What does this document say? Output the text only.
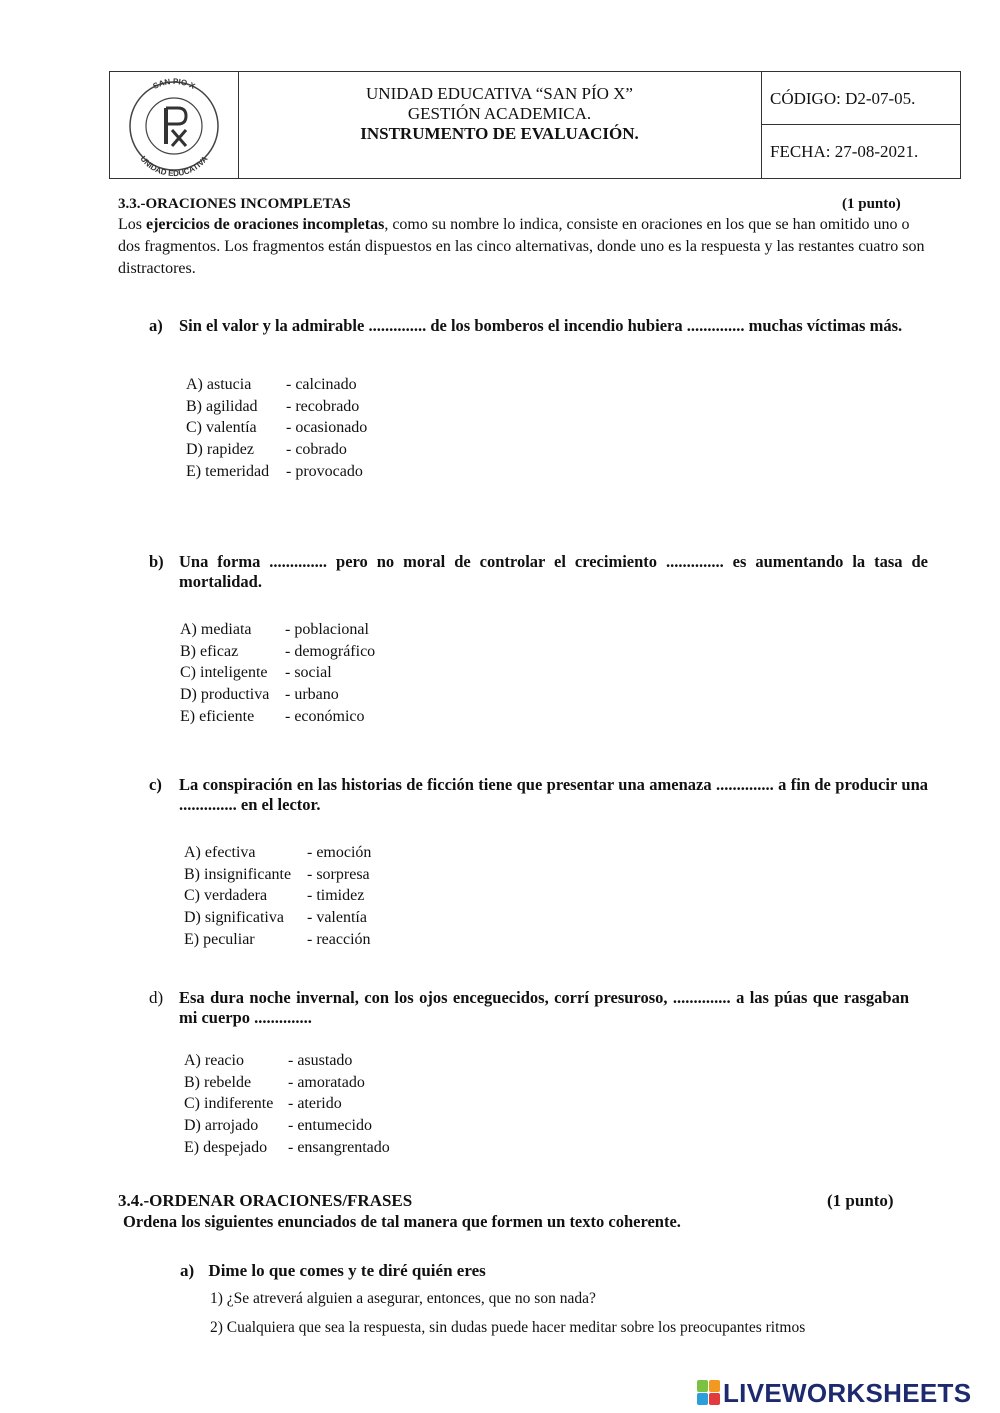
SAN PIO X
UNIDAD EDUCATIVA
UNIDAD EDUCATIVA “SAN PÍO X”
GESTIÓN ACADEMICA.
INSTRUMENTO DE EVALUACIÓN.
CÓDIGO: D2-07-05.
FECHA: 27-08-2021.
3.3.-ORACIONES INCOMPLETAS	(1 punto)
Los ejercicios de oraciones incompletas, como su nombre lo indica, consiste en oraciones en los que se han omitido uno o dos fragmentos. Los fragmentos están dispuestos en las cinco alternativas, donde uno es la respuesta y las restantes cuatro son distractores.
a) Sin el valor y la admirable .............. de los bomberos el incendio hubiera .............. muchas víctimas más.
A) astucia	- calcinado
B) agilidad	- recobrado
C) valentía	- ocasionado
D) rapidez	- cobrado
E) temeridad	- provocado
b) Una forma .............. pero no moral de controlar el crecimiento .............. es aumentando la tasa de mortalidad.
A) mediata	- poblacional
B) eficaz	- demográfico
C) inteligente	- social
D) productiva - urbano
E) eficiente	- económico
c) La conspiración en las historias de ficción tiene que presentar una amenaza .............. a fin de producir una .............. en el lector.
A) efectiva	- emoción
B) insignificante - sorpresa
C) verdadera	- timidez
D) significativa	- valentía
E) peculiar	- reacción
d) Esa dura noche invernal, con los ojos enceguecidos, corrí presuroso, .............. a las púas que rasgaban mi cuerpo ..............
A) reacio	- asustado
B) rebelde	- amoratado
C) indiferente - aterido
D) arrojado	- entumecido
E) despejado	- ensangrentado
3.4.-ORDENAR ORACIONES/FRASES	(1 punto)
Ordena los siguientes enunciados de tal manera que formen un texto coherente.
a) Dime lo que comes y te diré quién eres
1) ¿Se atreverá alguien a asegurar, entonces, que no son nada?
2) Cualquiera que sea la respuesta, sin dudas puede hacer meditar sobre los preocupantes ritmos
LIVEWORKSHEETS
